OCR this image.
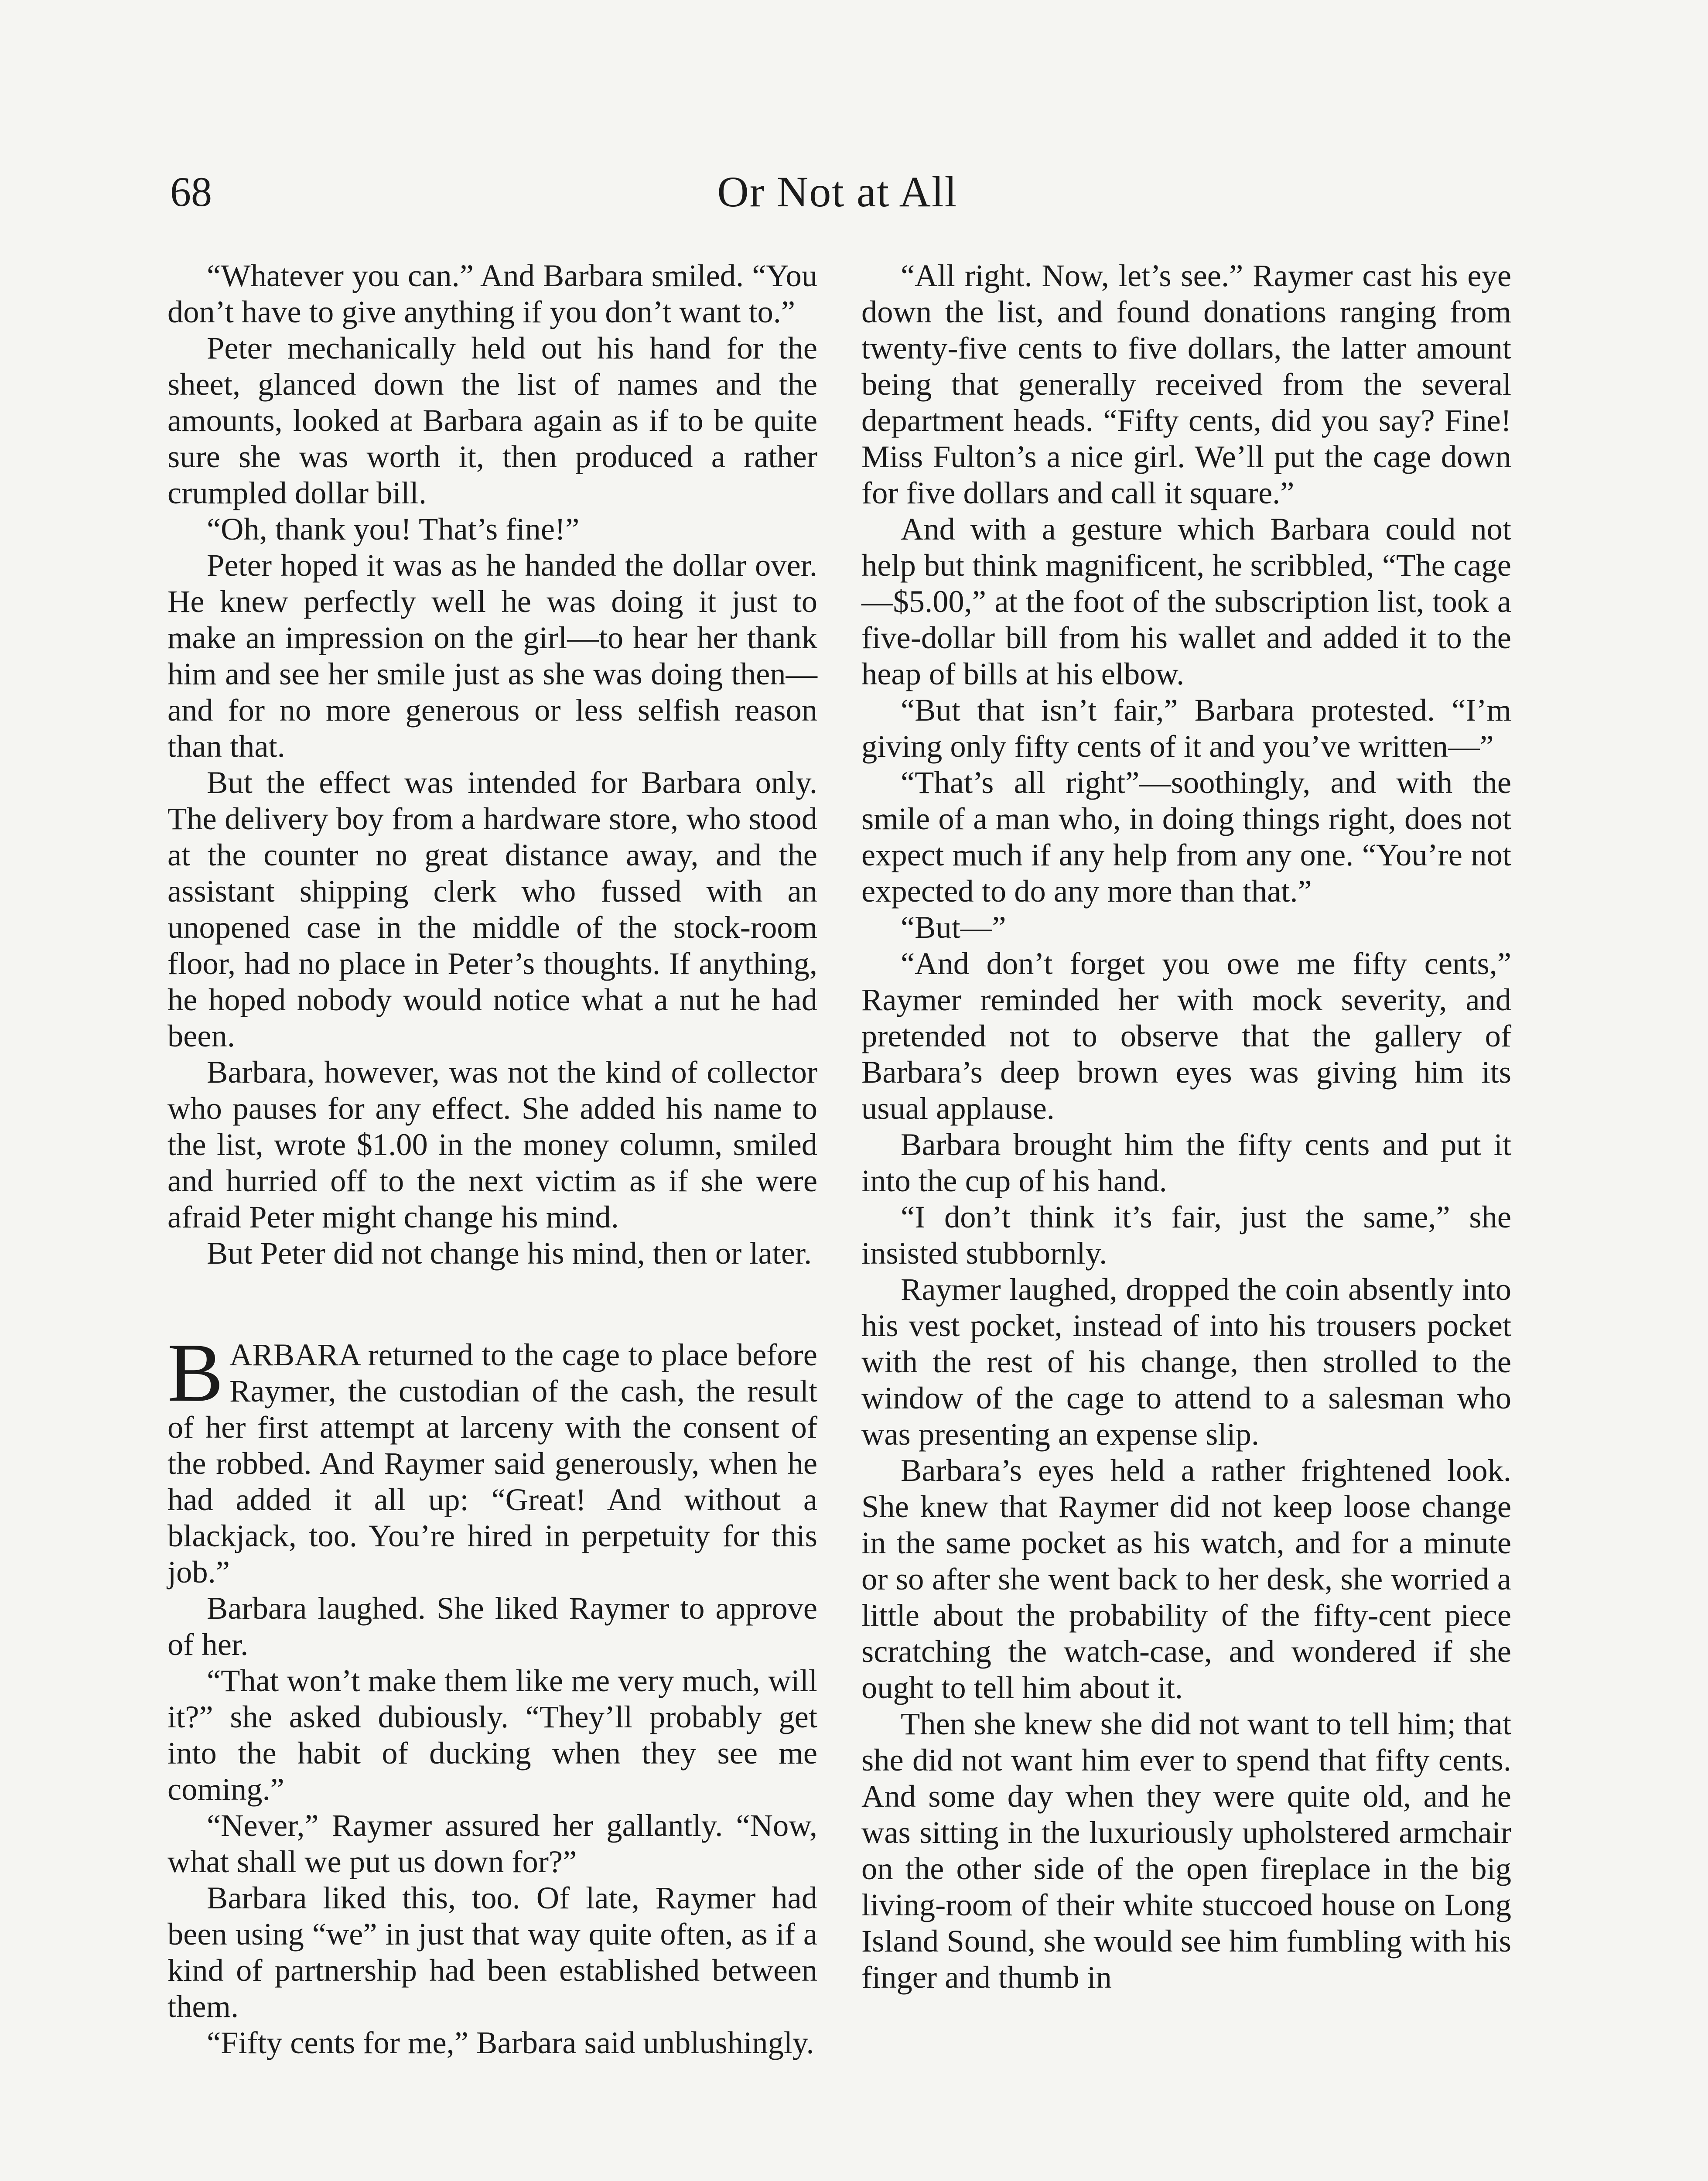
68	Or Not at All

“Whatever you can.” And Barbara smiled. “You don’t have to give anything if you don’t want to.”

Peter mechanically held out his hand for the sheet, glanced down the list of names and the amounts, looked at Barbara again as if to be quite sure she was worth it, then produced a rather crumpled dollar bill.

“Oh, thank you! That’s fine!”

Peter hoped it was as he handed the dollar over. He knew perfectly well he was doing it just to make an impression on the girl—to hear her thank him and see her smile just as she was doing then—and for no more generous or less selfish reason than that.

But the effect was intended for Barbara only. The delivery boy from a hardware store, who stood at the counter no great distance away, and the assistant shipping clerk who fussed with an unopened case in the middle of the stock-room floor, had no place in Peter’s thoughts. If anything, he hoped nobody would notice what a nut he had been.

Barbara, however, was not the kind of collector who pauses for any effect. She added his name to the list, wrote $1.00 in the money column, smiled and hurried off to the next victim as if she were afraid Peter might change his mind.

But Peter did not change his mind, then or later.

BARBARA returned to the cage to place before Raymer, the custodian of the cash, the result of her first attempt at larceny with the consent of the robbed. And Raymer said generously, when he had added it all up: “Great! And without a blackjack, too. You’re hired in perpetuity for this job.”

Barbara laughed. She liked Raymer to approve of her.

“That won’t make them like me very much, will it?” she asked dubiously. “They’ll probably get into the habit of ducking when they see me coming.”

“Never,” Raymer assured her gallantly. “Now, what shall we put us down for?”

Barbara liked this, too. Of late, Raymer had been using “we” in just that way quite often, as if a kind of partnership had been established between them.

“Fifty cents for me,” Barbara said unblushingly.

“All right. Now, let’s see.” Raymer cast his eye down the list, and found donations ranging from twenty-five cents to five dollars, the latter amount being that generally received from the several department heads. “Fifty cents, did you say? Fine! Miss Fulton’s a nice girl. We’ll put the cage down for five dollars and call it square.”

And with a gesture which Barbara could not help but think magnificent, he scribbled, “The cage—$5.00,” at the foot of the subscription list, took a five-dollar bill from his wallet and added it to the heap of bills at his elbow.

“But that isn’t fair,” Barbara protested. “I’m giving only fifty cents of it and you’ve written—”

“That’s all right”—soothingly, and with the smile of a man who, in doing things right, does not expect much if any help from any one. “You’re not expected to do any more than that.”

“But—”

“And don’t forget you owe me fifty cents,” Raymer reminded her with mock severity, and pretended not to observe that the gallery of Barbara’s deep brown eyes was giving him its usual applause.

Barbara brought him the fifty cents and put it into the cup of his hand.

“I don’t think it’s fair, just the same,” she insisted stubbornly.

Raymer laughed, dropped the coin absently into his vest pocket, instead of into his trousers pocket with the rest of his change, then strolled to the window of the cage to attend to a salesman who was presenting an expense slip.

Barbara’s eyes held a rather frightened look. She knew that Raymer did not keep loose change in the same pocket as his watch, and for a minute or so after she went back to her desk, she worried a little about the probability of the fifty-cent piece scratching the watch-case, and wondered if she ought to tell him about it.

Then she knew she did not want to tell him; that she did not want him ever to spend that fifty cents. And some day when they were quite old, and he was sitting in the luxuriously upholstered armchair on the other side of the open fireplace in the big living-room of their white stuccoed house on Long Island Sound, she would see him fumbling with his finger and thumb in
